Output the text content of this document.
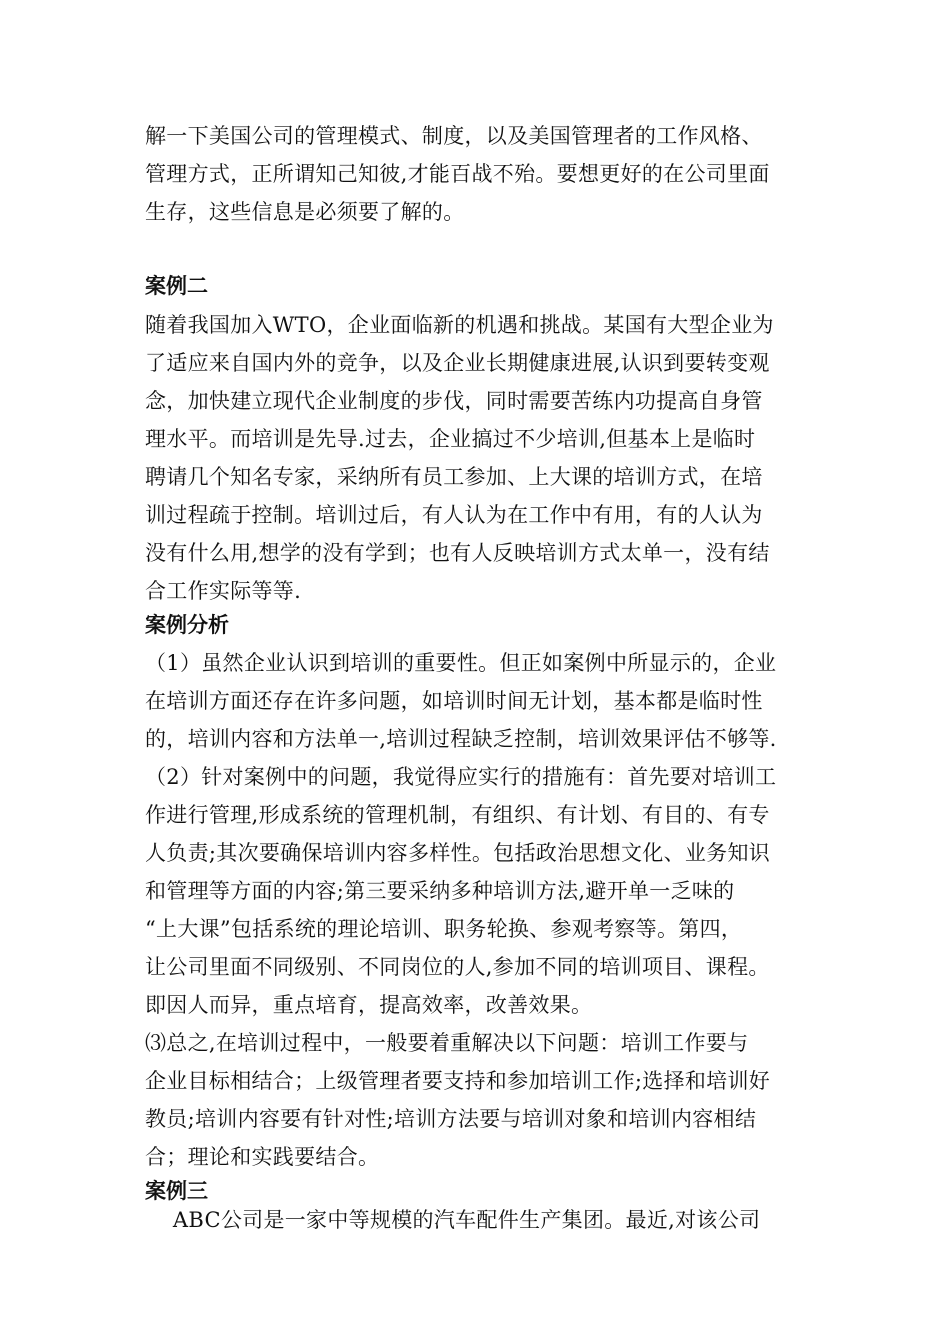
解一下美国公司的管理模式、制度，以及美国管理者的工作风格、

管理方式，正所谓知己知彼,才能百战不殆。要想更好的在公司里面

生存，这些信息是必须要了解的。

案例二

随着我国加入WTO，企业面临新的机遇和挑战。某国有大型企业为

了适应来自国内外的竞争，以及企业长期健康进展,认识到要转变观

念，加快建立现代企业制度的步伐，同时需要苦练内功提高自身管

理水平。而培训是先导.过去，企业搞过不少培训,但基本上是临时

聘请几个知名专家，采纳所有员工参加、上大课的培训方式，在培

训过程疏于控制。培训过后，有人认为在工作中有用，有的人认为

没有什么用,想学的没有学到；也有人反映培训方式太单一，没有结

合工作实际等等.

案例分析

（1）虽然企业认识到培训的重要性。但正如案例中所显示的，企业

在培训方面还存在许多问题，如培训时间无计划，基本都是临时性

的，培训内容和方法单一,培训过程缺乏控制，培训效果评估不够等.

（2）针对案例中的问题，我觉得应实行的措施有：首先要对培训工

作进行管理,形成系统的管理机制，有组织、有计划、有目的、有专

人负责;其次要确保培训内容多样性。包括政治思想文化、业务知识

和管理等方面的内容;第三要采纳多种培训方法,避开单一乏味的

“上大课”包括系统的理论培训、职务轮换、参观考察等。第四，

让公司里面不同级别、不同岗位的人,参加不同的培训项目、课程。

即因人而异，重点培育，提高效率，改善效果。

⑶总之,在培训过程中，一般要着重解决以下问题：培训工作要与

企业目标相结合；上级管理者要支持和参加培训工作;选择和培训好

教员;培训内容要有针对性;培训方法要与培训对象和培训内容相结

合；理论和实践要结合。

案例三

ABC公司是一家中等规模的汽车配件生产集团。最近,对该公司
